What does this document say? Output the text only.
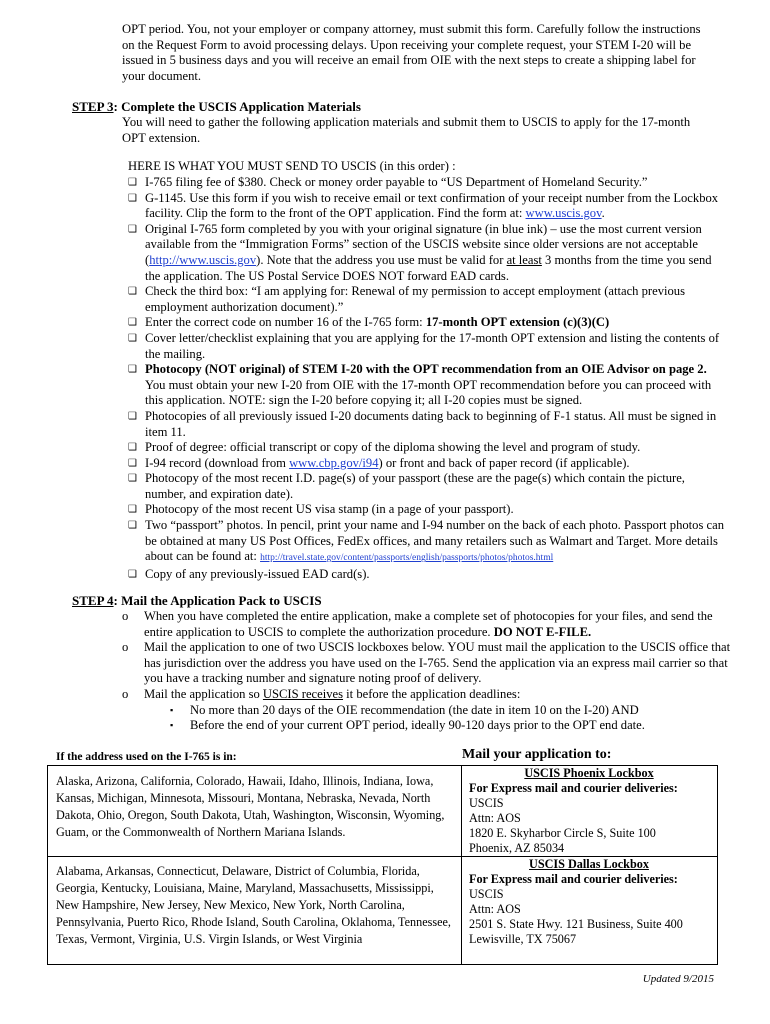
OPT period. You, not your employer or company attorney, must submit this form. Carefully follow the instructions on the Request Form to avoid processing delays. Upon receiving your complete request, your STEM I-20 will be issued in 5 business days and you will receive an email from OIE with the next steps to create a shipping label for your document.
STEP 3: Complete the USCIS Application Materials
You will need to gather the following application materials and submit them to USCIS to apply for the 17-month OPT extension.
HERE IS WHAT YOU MUST SEND TO USCIS (in this order) :
❑ I-765 filing fee of $380. Check or money order payable to “US Department of Homeland Security.”
❑ G-1145. Use this form if you wish to receive email or text confirmation of your receipt number from the Lockbox facility. Clip the form to the front of the OPT application. Find the form at: www.uscis.gov.
❑ Original I-765 form completed by you with your original signature (in blue ink) – use the most current version available from the “Immigration Forms” section of the USCIS website since older versions are not acceptable (http://www.uscis.gov). Note that the address you use must be valid for at least 3 months from the time you send the application. The US Postal Service DOES NOT forward EAD cards.
❑ Check the third box: “I am applying for: Renewal of my permission to accept employment (attach previous employment authorization document).”
❑ Enter the correct code on number 16 of the I-765 form: 17-month OPT extension (c)(3)(C)
❑ Cover letter/checklist explaining that you are applying for the 17-month OPT extension and listing the contents of the mailing.
❑ Photocopy (NOT original) of STEM I-20 with the OPT recommendation from an OIE Advisor on page 2. You must obtain your new I-20 from OIE with the 17-month OPT recommendation before you can proceed with this application. NOTE: sign the I-20 before copying it; all I-20 copies must be signed.
❑ Photocopies of all previously issued I-20 documents dating back to beginning of F-1 status. All must be signed in item 11.
❑ Proof of degree: official transcript or copy of the diploma showing the level and program of study.
❑ I-94 record (download from www.cbp.gov/i94) or front and back of paper record (if applicable).
❑ Photocopy of the most recent I.D. page(s) of your passport (these are the page(s) which contain the picture, number, and expiration date).
❑ Photocopy of the most recent US visa stamp (in a page of your passport).
❑ Two “passport” photos. In pencil, print your name and I-94 number on the back of each photo. Passport photos can be obtained at many US Post Offices, FedEx offices, and many retailers such as Walmart and Target. More details about can be found at: http://travel.state.gov/content/passports/english/passports/photos/photos.html
❑ Copy of any previously-issued EAD card(s).
STEP 4: Mail the Application Pack to USCIS
o When you have completed the entire application, make a complete set of photocopies for your files, and send the entire application to USCIS to complete the authorization procedure. DO NOT E-FILE.
o Mail the application to one of two USCIS lockboxes below. YOU must mail the application to the USCIS office that has jurisdiction over the address you have used on the I-765. Send the application via an express mail carrier so that you have a tracking number and signature noting proof of delivery.
o Mail the application so USCIS receives it before the application deadlines:
▪ No more than 20 days of the OIE recommendation (the date in item 10 on the I-20) AND
▪ Before the end of your current OPT period, ideally 90-120 days prior to the OPT end date.
If the address used on the I-765 is in:	Mail your application to:
Alaska, Arizona, California, Colorado, Hawaii, Idaho, Illinois, Indiana, Iowa, Kansas, Michigan, Minnesota, Missouri, Montana, Nebraska, Nevada, North Dakota, Ohio, Oregon, South Dakota, Utah, Washington, Wisconsin, Wyoming, Guam, or the Commonwealth of Northern Mariana Islands.
USCIS Phoenix Lockbox
For Express mail and courier deliveries:
USCIS
Attn: AOS
1820 E. Skyharbor Circle S, Suite 100
Phoenix, AZ 85034
Alabama, Arkansas, Connecticut, Delaware, District of Columbia, Florida, Georgia, Kentucky, Louisiana, Maine, Maryland, Massachusetts, Mississippi, New Hampshire, New Jersey, New Mexico, New York, North Carolina, Pennsylvania, Puerto Rico, Rhode Island, South Carolina, Oklahoma, Tennessee, Texas, Vermont, Virginia, U.S. Virgin Islands, or West Virginia
USCIS Dallas Lockbox
For Express mail and courier deliveries:
USCIS
Attn: AOS
2501 S. State Hwy. 121 Business, Suite 400
Lewisville, TX 75067
Updated 9/2015
